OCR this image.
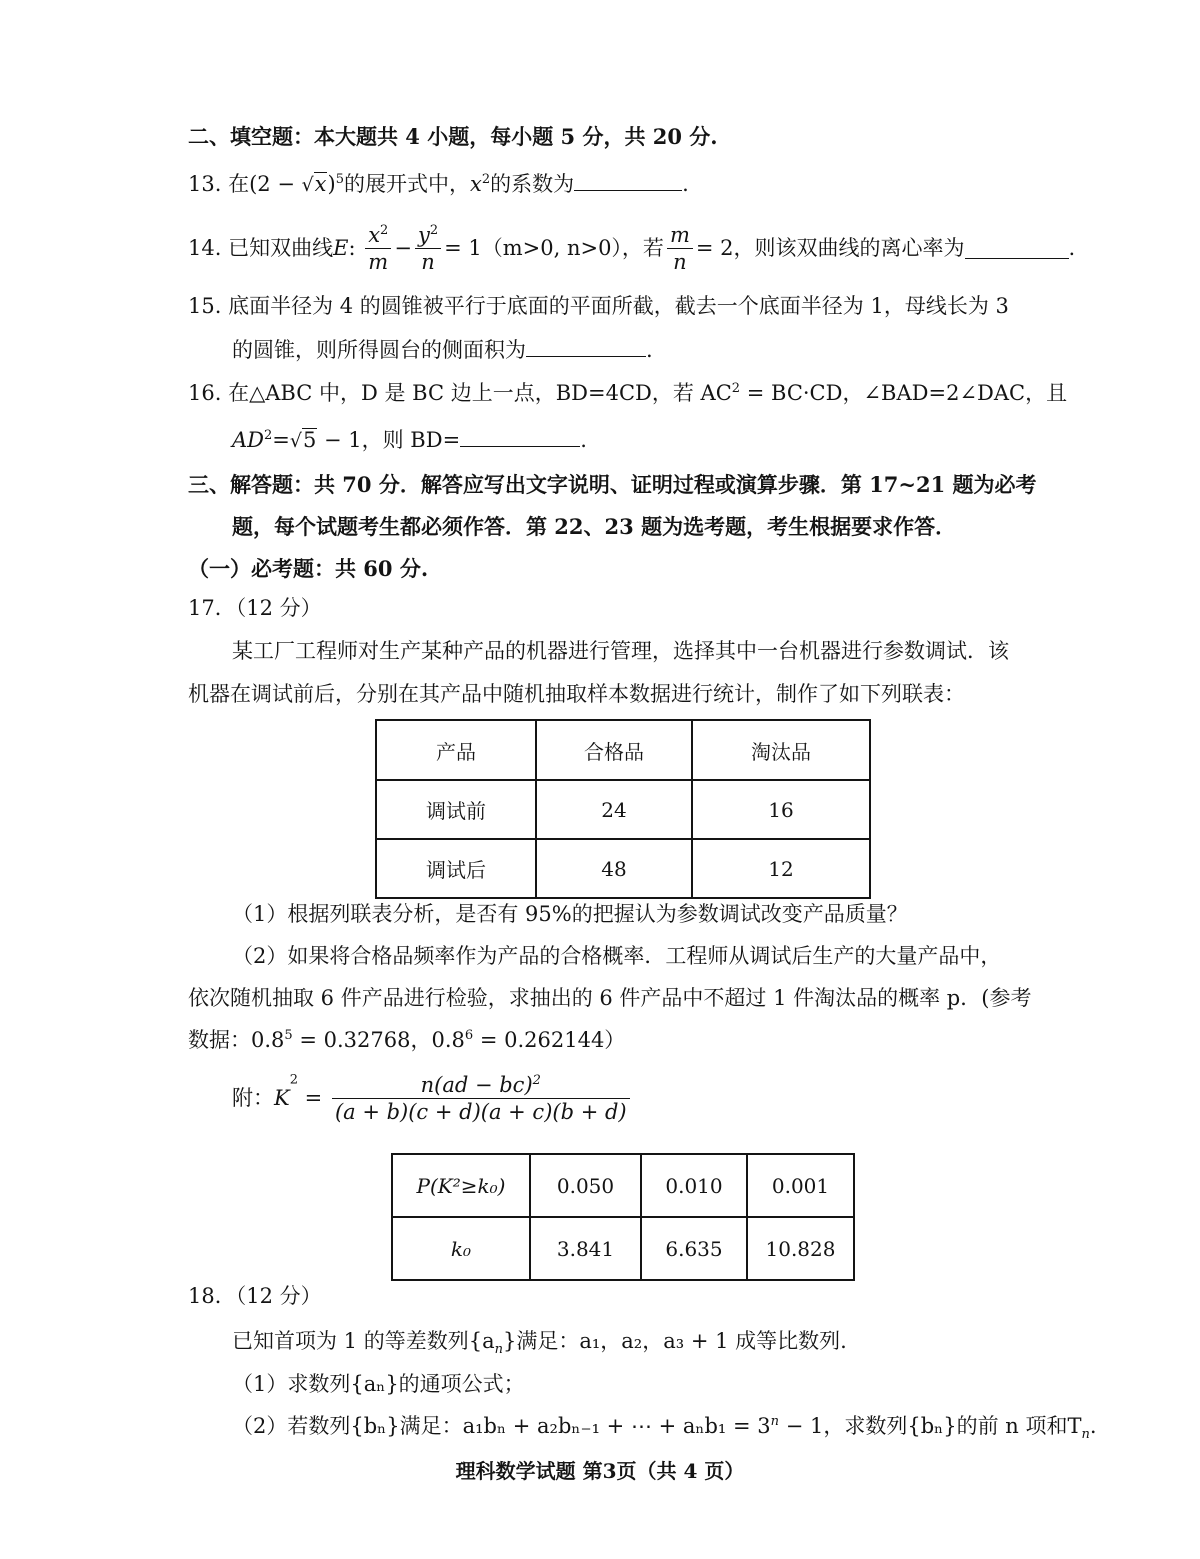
二、填空题：本大题共 4 小题，每小题 5 分，共 20 分.
13. 在$(2 - √x)^5$的展开式中，$x^2$的系数为	.
14. 已知双曲线E: $\frac{x^2}{m} - \frac{y^2}{n} = 1(m>0$, n>0），若 $\frac{m}{n} = 2$，则该双曲线的离心率为	.
15. 底面半径为 4 的圆锥被平行于底面的平面所截，截去一个底面半径为 1，母线长为 3
的圆锥，则所得圆台的侧面积为	.
16. 在△ABC 中，D 是 BC 边上一点，BD=4CD，若 $AC^2 = BC\cdot CD$，∠BAD=2∠DAC，且
$AD^2=√5 - 1$，则 BD=	.
三、解答题：共 70 分．解答应写出文字说明、证明过程或演算步骤．第 17~21 题为必考
题，每个试题考生都必须作答．第 22、23 题为选考题，考生根据要求作答．
（一）必考题：共 60 分.
17．（12 分）
某工厂工程师对生产某种产品的机器进行管理，选择其中一台机器进行参数调试．该
机器在调试前后，分别在其产品中随机抽取样本数据进行统计，制作了如下列联表：
产品	合格品	淘汰品
调试前	24	16
调试后	48	12
（1）根据列联表分析，是否有 95%的把握认为参数调试改变产品质量？
（2）如果将合格品频率作为产品的合格概率．工程师从调试后生产的大量产品中，
依次随机抽取 6 件产品进行检验，求抽出的 6 件产品中不超过 1 件淘汰品的概率 p．(参考
数据：$0.8^5 = 0.32768$，$0.8^6 = 0.262144$）
附：$K^2 = \frac{n(ad - bc)^2}{(a + b)(c + d)(a + c)(b + d)}$
P(K²≥k₀)	0.050	0.010	0.001
k₀	3.841	6.635	10.828
18．（12 分）
已知首项为 1 的等差数列$\{a_n\}$满足：a₁，a₂，a₃ + 1 成等比数列.
（1）求数列{aₙ}的通项公式；
（2）若数列{bₙ}满足：a₁bₙ + a₂bₙ₋₁ + ⋯ + $a_nb_1 = 3^n - 1$，求数列{bₙ}的前 n 项和$T_n$.
理科数学试题 第3页（共 4 页）
